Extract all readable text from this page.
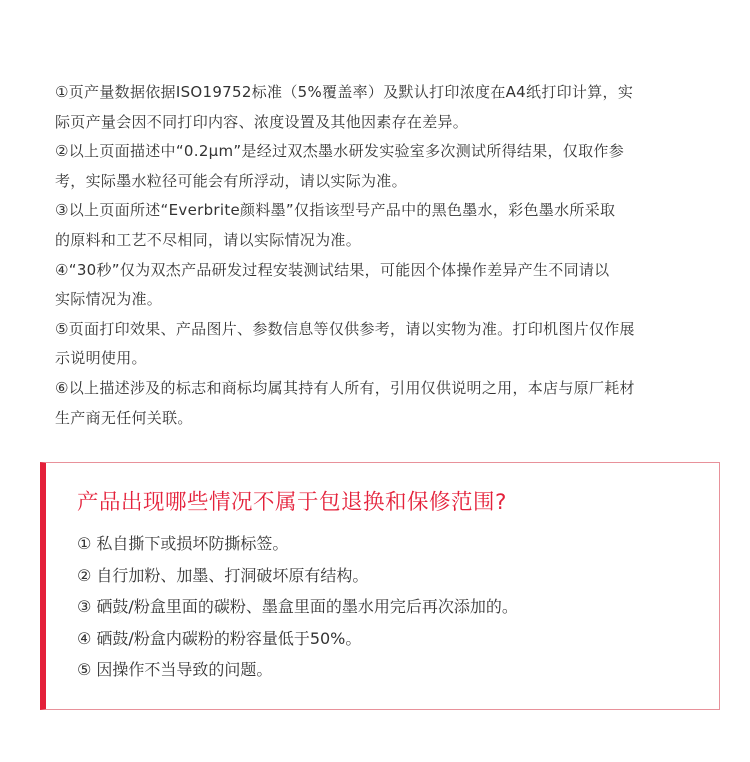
①页产量数据依据ISO19752标准（5%覆盖率）及默认打印浓度在A4纸打印计算，实
际页产量会因不同打印内容、浓度设置及其他因素存在差异。
②以上页面描述中“0.2μm”是经过双杰墨水研发实验室多次测试所得结果，仅取作参
考，实际墨水粒径可能会有所浮动，请以实际为准。
③以上页面所述“Everbrite颜料墨”仅指该型号产品中的黑色墨水，彩色墨水所采取
的原料和工艺不尽相同，请以实际情况为准。
④“30秒”仅为双杰产品研发过程安装测试结果，可能因个体操作差异产生不同请以
实际情况为准。
⑤页面打印效果、产品图片、参数信息等仅供参考，请以实物为准。打印机图片仅作展
示说明使用。
⑥以上描述涉及的标志和商标均属其持有人所有，引用仅供说明之用，本店与原厂耗材
生产商无任何关联。
产品出现哪些情况不属于包退换和保修范围?
① 私自撕下或损坏防撕标签。
② 自行加粉、加墨、打洞破坏原有结构。
③ 硒鼓/粉盒里面的碳粉、墨盒里面的墨水用完后再次添加的。
④ 硒鼓/粉盒内碳粉的粉容量低于50%。
⑤ 因操作不当导致的问题。
